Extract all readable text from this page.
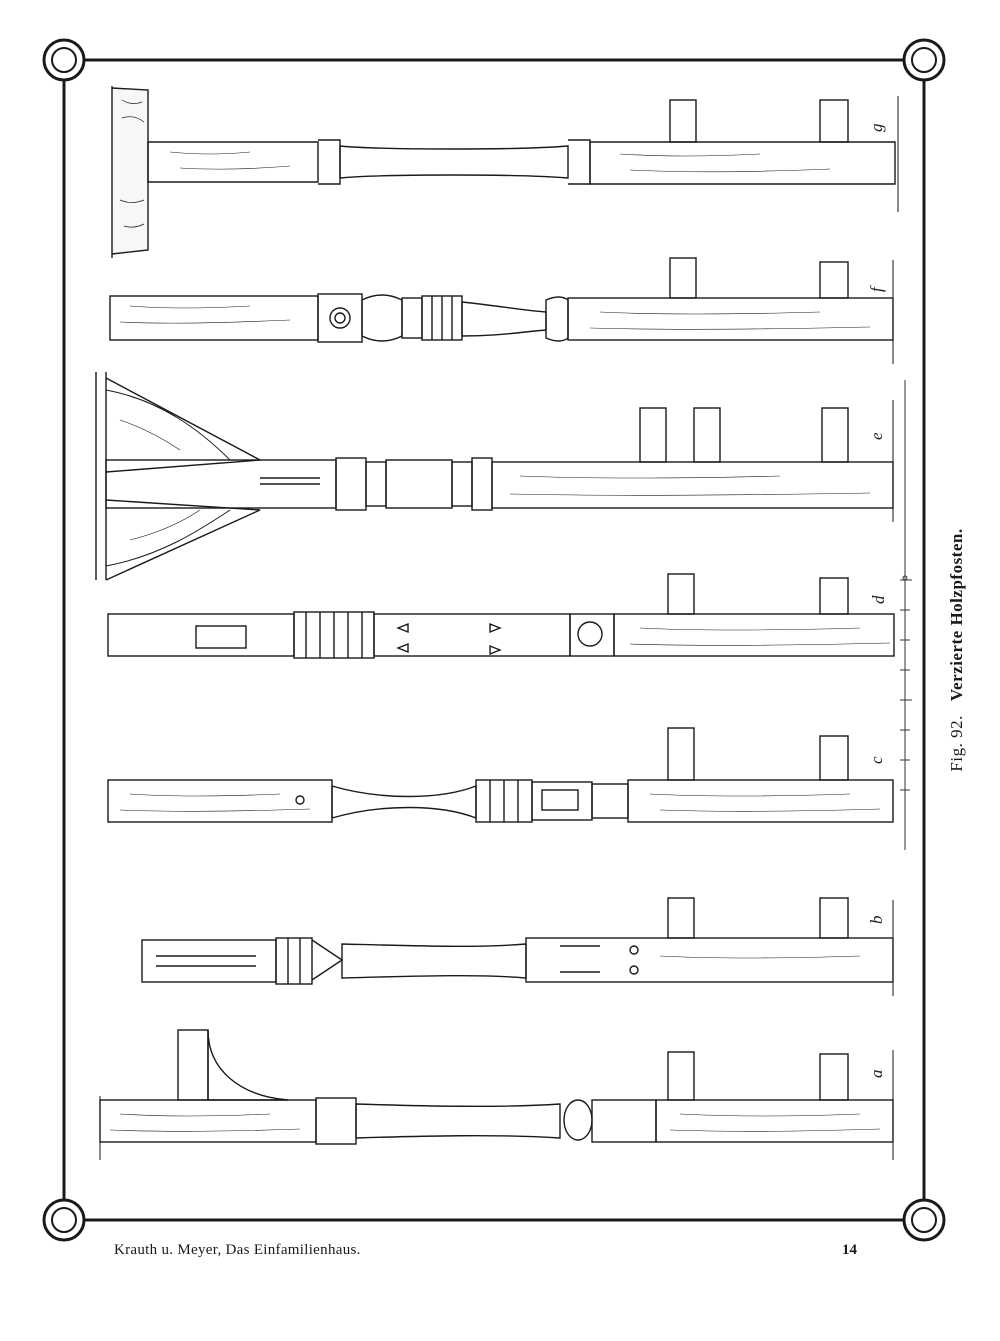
g
f
e
d
c
b
a
Fig. 92.Verzierte Holzpfosten.
Krauth u. Meyer, Das Einfamilienhaus.	14
